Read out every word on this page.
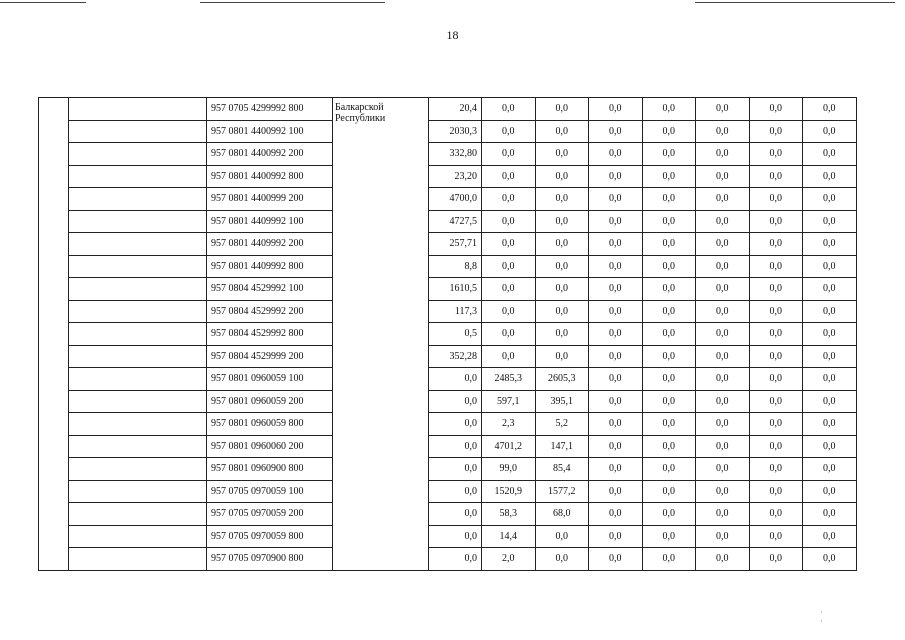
18
		957 0705 4299992 800	Балкарской Республики	20,4	0,0	0,0	0,0	0,0	0,0	0,0	0,0
		957 0801 4400992 100		2030,3	0,0	0,0	0,0	0,0	0,0	0,0	0,0
		957 0801 4400992 200		332,80	0,0	0,0	0,0	0,0	0,0	0,0	0,0
		957 0801 4400992 800		23,20	0,0	0,0	0,0	0,0	0,0	0,0	0,0
		957 0801 4400999 200		4700,0	0,0	0,0	0,0	0,0	0,0	0,0	0,0
		957 0801 4409992 100		4727,5	0,0	0,0	0,0	0,0	0,0	0,0	0,0
		957 0801 4409992 200		257,71	0,0	0,0	0,0	0,0	0,0	0,0	0,0
		957 0801 4409992 800		8,8	0,0	0,0	0,0	0,0	0,0	0,0	0,0
		957 0804 4529992 100		1610,5	0,0	0,0	0,0	0,0	0,0	0,0	0,0
		957 0804 4529992 200		117,3	0,0	0,0	0,0	0,0	0,0	0,0	0,0
		957 0804 4529992 800		0,5	0,0	0,0	0,0	0,0	0,0	0,0	0,0
		957 0804 4529999 200		352,28	0,0	0,0	0,0	0,0	0,0	0,0	0,0
		957 0801 0960059 100		0,0	2485,3	2605,3	0,0	0,0	0,0	0,0	0,0
		957 0801 0960059 200		0,0	597,1	395,1	0,0	0,0	0,0	0,0	0,0
		957 0801 0960059 800		0,0	2,3	5,2	0,0	0,0	0,0	0,0	0,0
		957 0801 0960060 200		0,0	4701,2	147,1	0,0	0,0	0,0	0,0	0,0
		957 0801 0960900 800		0,0	99,0	85,4	0,0	0,0	0,0	0,0	0,0
		957 0705 0970059 100		0,0	1520,9	1577,2	0,0	0,0	0,0	0,0	0,0
		957 0705 0970059 200		0,0	58,3	68,0	0,0	0,0	0,0	0,0	0,0
		957 0705 0970059 800		0,0	14,4	0,0	0,0	0,0	0,0	0,0	0,0
		957 0705 0970900 800		0,0	2,0	0,0	0,0	0,0	0,0	0,0	0,0
· ·
